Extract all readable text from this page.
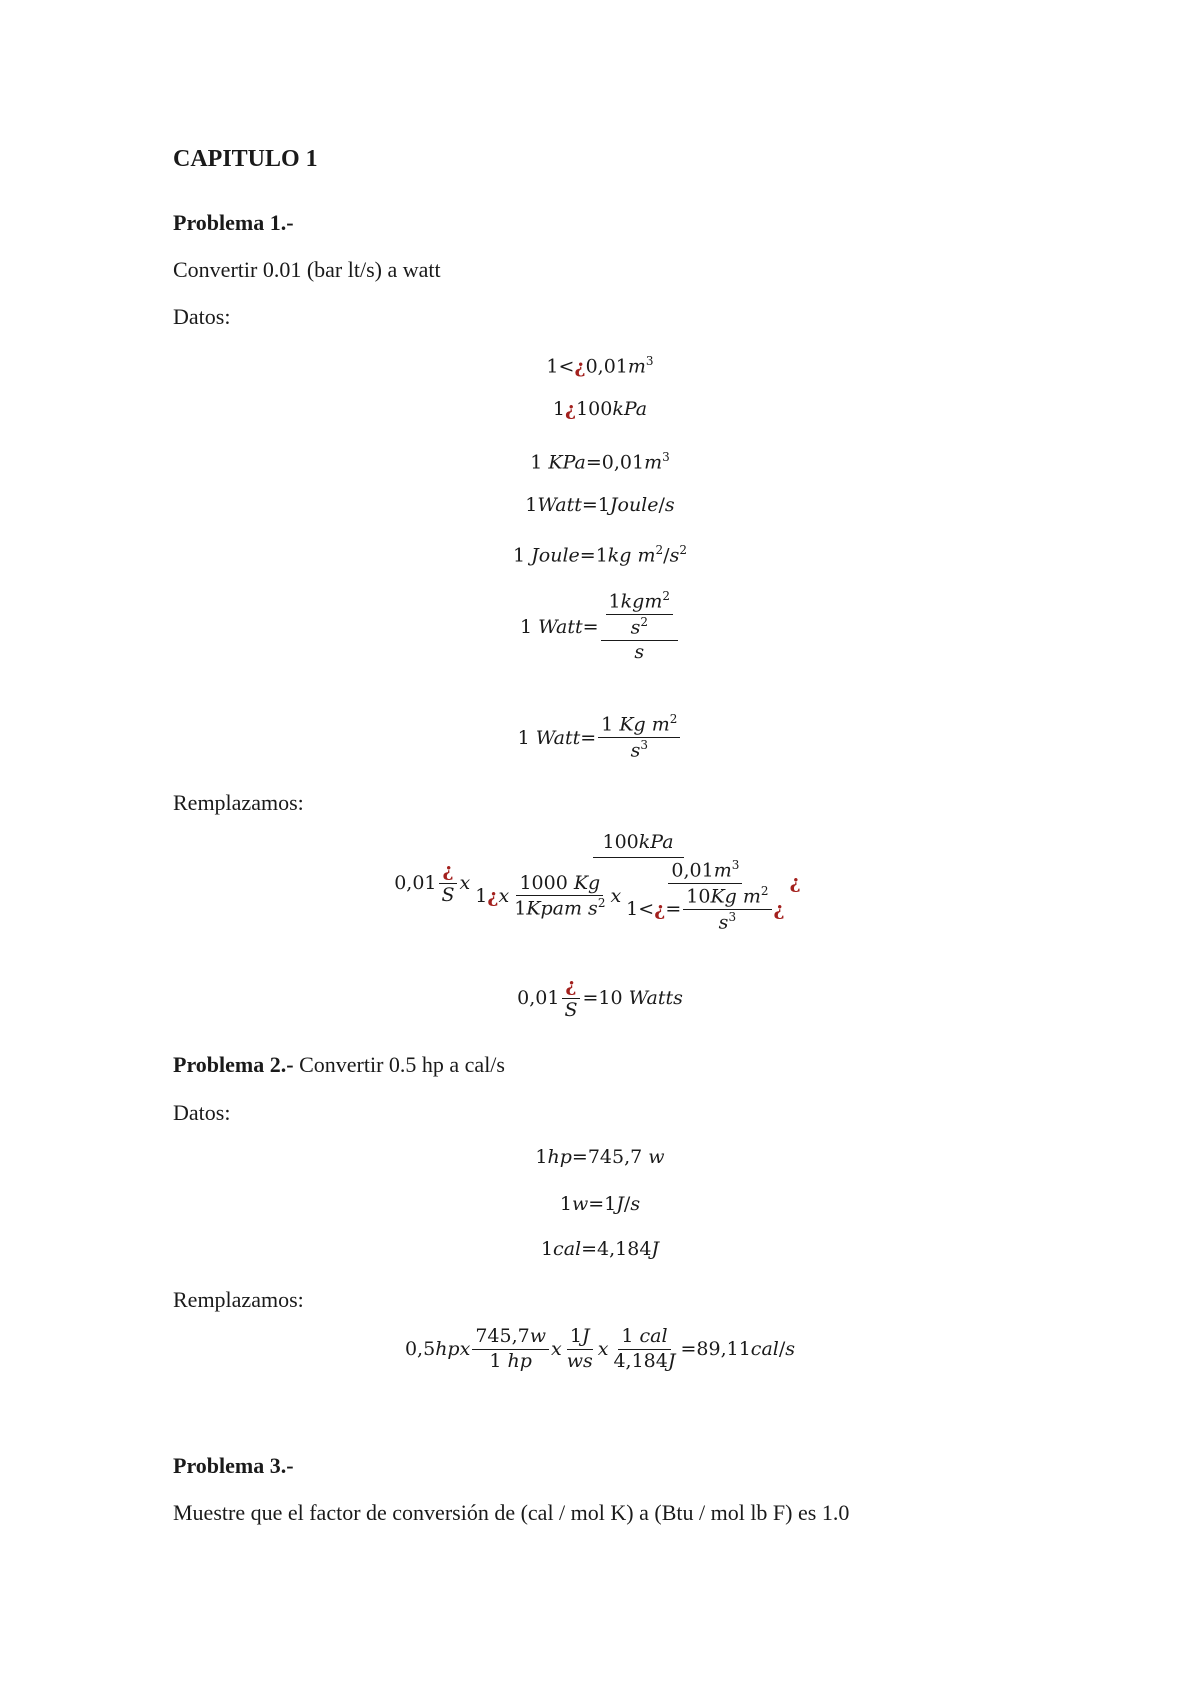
CAPITULO 1
Problema 1.-
Convertir 0.01 (bar lt/s) a watt
Datos:
$1<¿0,01m^3$
1¿100kPa
1 $KPa=0,01m^3$
1Watt=1Joule/s
1 Joule=1kg $m^2/s^2$
1
Watt = $\frac{\frac{1kgm^2}{s^2}}{s}$
1
Watt = $\frac{1 Kg m^2}{s^3}$
Remplazamos:
$0,01 \frac{¿}{S}$ x
100kPa
1 ¿ x $\frac{1000 Kg}{1Kpam s^2}$ x $\frac{0,01m^3}{1< ¿ = \frac{10Kg m^2}{s^3} ¿}$ ¿
$0,01 \frac{¿}{S} =10$
Watts
Problema 2.- Convertir 0.5 hp a cal/s
Datos:
1hp=745,7 w
1w=1J/s
1cal=4,184J
Remplazamos:
0,5 hp x $\frac{745,7w}{1 hp}$ x $\frac{1J}{ws}$ x $\frac{\text{1 cal}}{4,184J} =89,11$ cal / s
Problema 3.-
Muestre que el factor de conversión de (cal / mol K) a (Btu / mol lb F) es 1.0
